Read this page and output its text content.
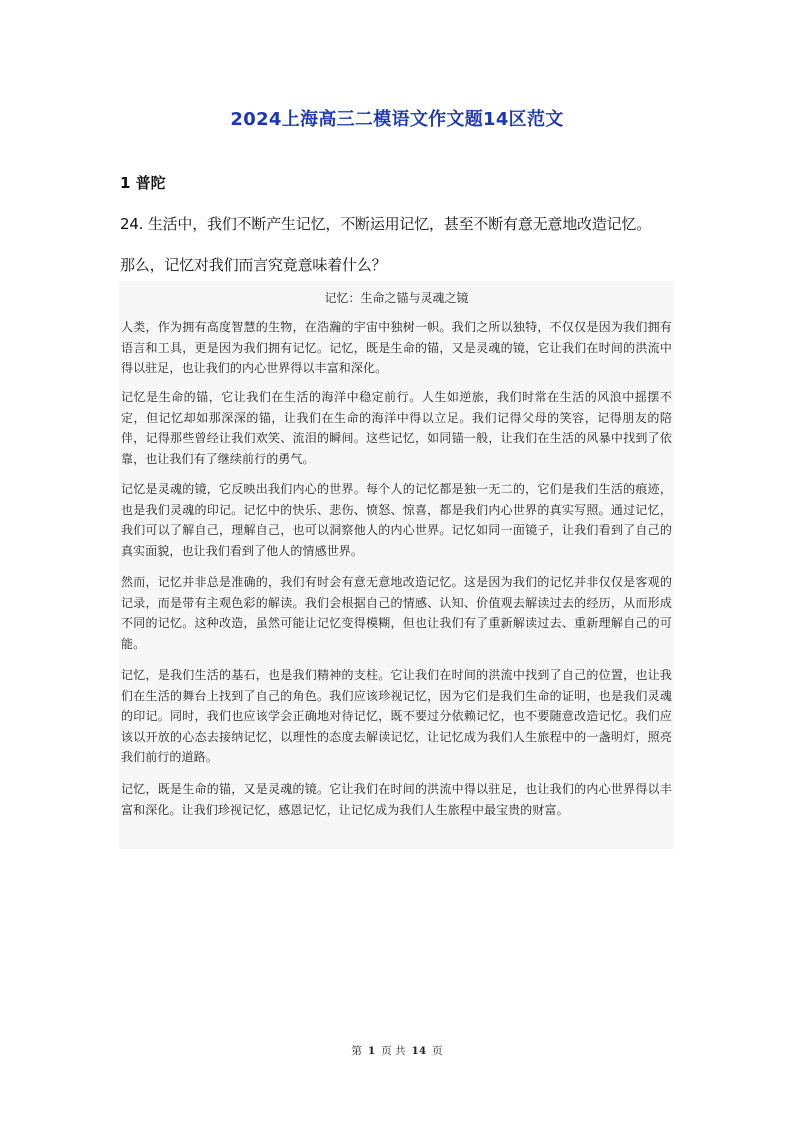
2024上海高三二模语文作文题14区范文
1 普陀
24. 生活中，我们不断产生记忆，不断运用记忆，甚至不断有意无意地改造记忆。
那么，记忆对我们而言究竟意味着什么？
记忆：生命之锚与灵魂之镜

人类，作为拥有高度智慧的生物，在浩瀚的宇宙中独树一帜。我们之所以独特，不仅仅是因为我们拥有语言和工具，更是因为我们拥有记忆。记忆，既是生命的锚，又是灵魂的镜，它让我们在时间的洪流中得以驻足，也让我们的内心世界得以丰富和深化。

记忆是生命的锚，它让我们在生活的海洋中稳定前行。人生如逆旅，我们时常在生活的风浪中摇摆不定，但记忆却如那深深的锚，让我们在生命的海洋中得以立足。我们记得父母的笑容，记得朋友的陪伴，记得那些曾经让我们欢笑、流泪的瞬间。这些记忆，如同锚一般，让我们在生活的风暴中找到了依靠，也让我们有了继续前行的勇气。

记忆是灵魂的镜，它反映出我们内心的世界。每个人的记忆都是独一无二的，它们是我们生活的痕迹，也是我们灵魂的印记。记忆中的快乐、悲伤、愤怒、惊喜，都是我们内心世界的真实写照。通过记忆，我们可以了解自己，理解自己，也可以洞察他人的内心世界。记忆如同一面镜子，让我们看到了自己的真实面貌，也让我们看到了他人的情感世界。

然而，记忆并非总是准确的，我们有时会有意无意地改造记忆。这是因为我们的记忆并非仅仅是客观的记录，而是带有主观色彩的解读。我们会根据自己的情感、认知、价值观去解读过去的经历，从而形成不同的记忆。这种改造，虽然可能让记忆变得模糊，但也让我们有了重新解读过去、重新理解自己的可能。

记忆，是我们生活的基石，也是我们精神的支柱。它让我们在时间的洪流中找到了自己的位置，也让我们在生活的舞台上找到了自己的角色。我们应该珍视记忆，因为它们是我们生命的证明，也是我们灵魂的印记。同时，我们也应该学会正确地对待记忆，既不要过分依赖记忆，也不要随意改造记忆。我们应该以开放的心态去接纳记忆，以理性的态度去解读记忆，让记忆成为我们人生旅程中的一盏明灯，照亮我们前行的道路。

记忆，既是生命的锚，又是灵魂的镜。它让我们在时间的洪流中得以驻足，也让我们的内心世界得以丰富和深化。让我们珍视记忆，感恩记忆，让记忆成为我们人生旅程中最宝贵的财富。

第 1 页 共 14 页
